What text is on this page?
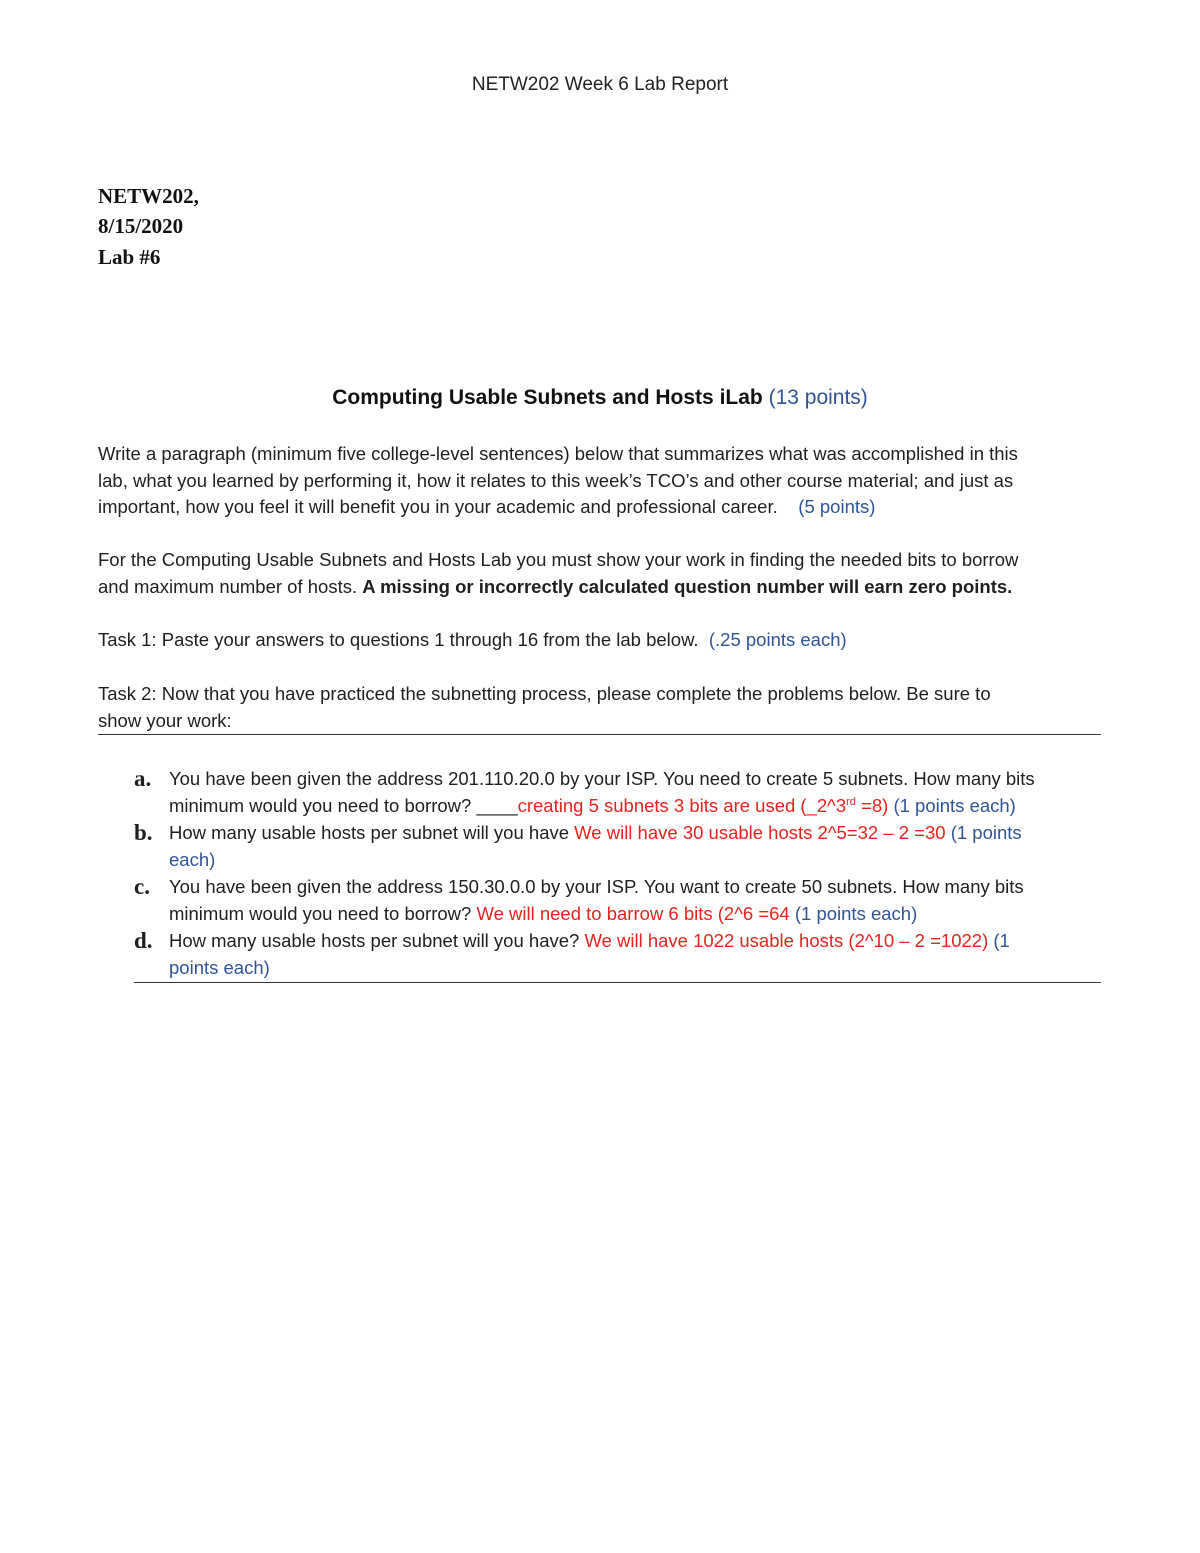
NETW202 Week 6 Lab Report
NETW202,
8/15/2020
Lab #6
Computing Usable Subnets and Hosts iLab (13 points)
Write a paragraph (minimum five college-level sentences) below that summarizes what was accomplished in this
lab, what you learned by performing it, how it relates to this week’s TCO’s and other course material; and just as
important, how you feel it will benefit you in your academic and professional career. (5 points)
For the Computing Usable Subnets and Hosts Lab you must show your work in finding the needed bits to borrow
and maximum number of hosts. A missing or incorrectly calculated question number will earn zero points.
Task 1: Paste your answers to questions 1 through 16 from the lab below. (.25 points each)
Task 2: Now that you have practiced the subnetting process, please complete the problems below. Be sure to
show your work:
a. You have been given the address 201.110.20.0 by your ISP. You need to create 5 subnets. How many bits
minimum would you need to borrow? ____creating 5 subnets 3 bits are used (_2^3rd =8) (1 points each)
b. How many usable hosts per subnet will you have We will have 30 usable hosts 2^5=32 – 2 =30 (1 points
each)
c. You have been given the address 150.30.0.0 by your ISP. You want to create 50 subnets. How many bits
minimum would you need to borrow? We will need to barrow 6 bits (2^6 =64 (1 points each)
d. How many usable hosts per subnet will you have? We will have 1022 usable hosts (2^10 – 2 =1022) (1
points each)
